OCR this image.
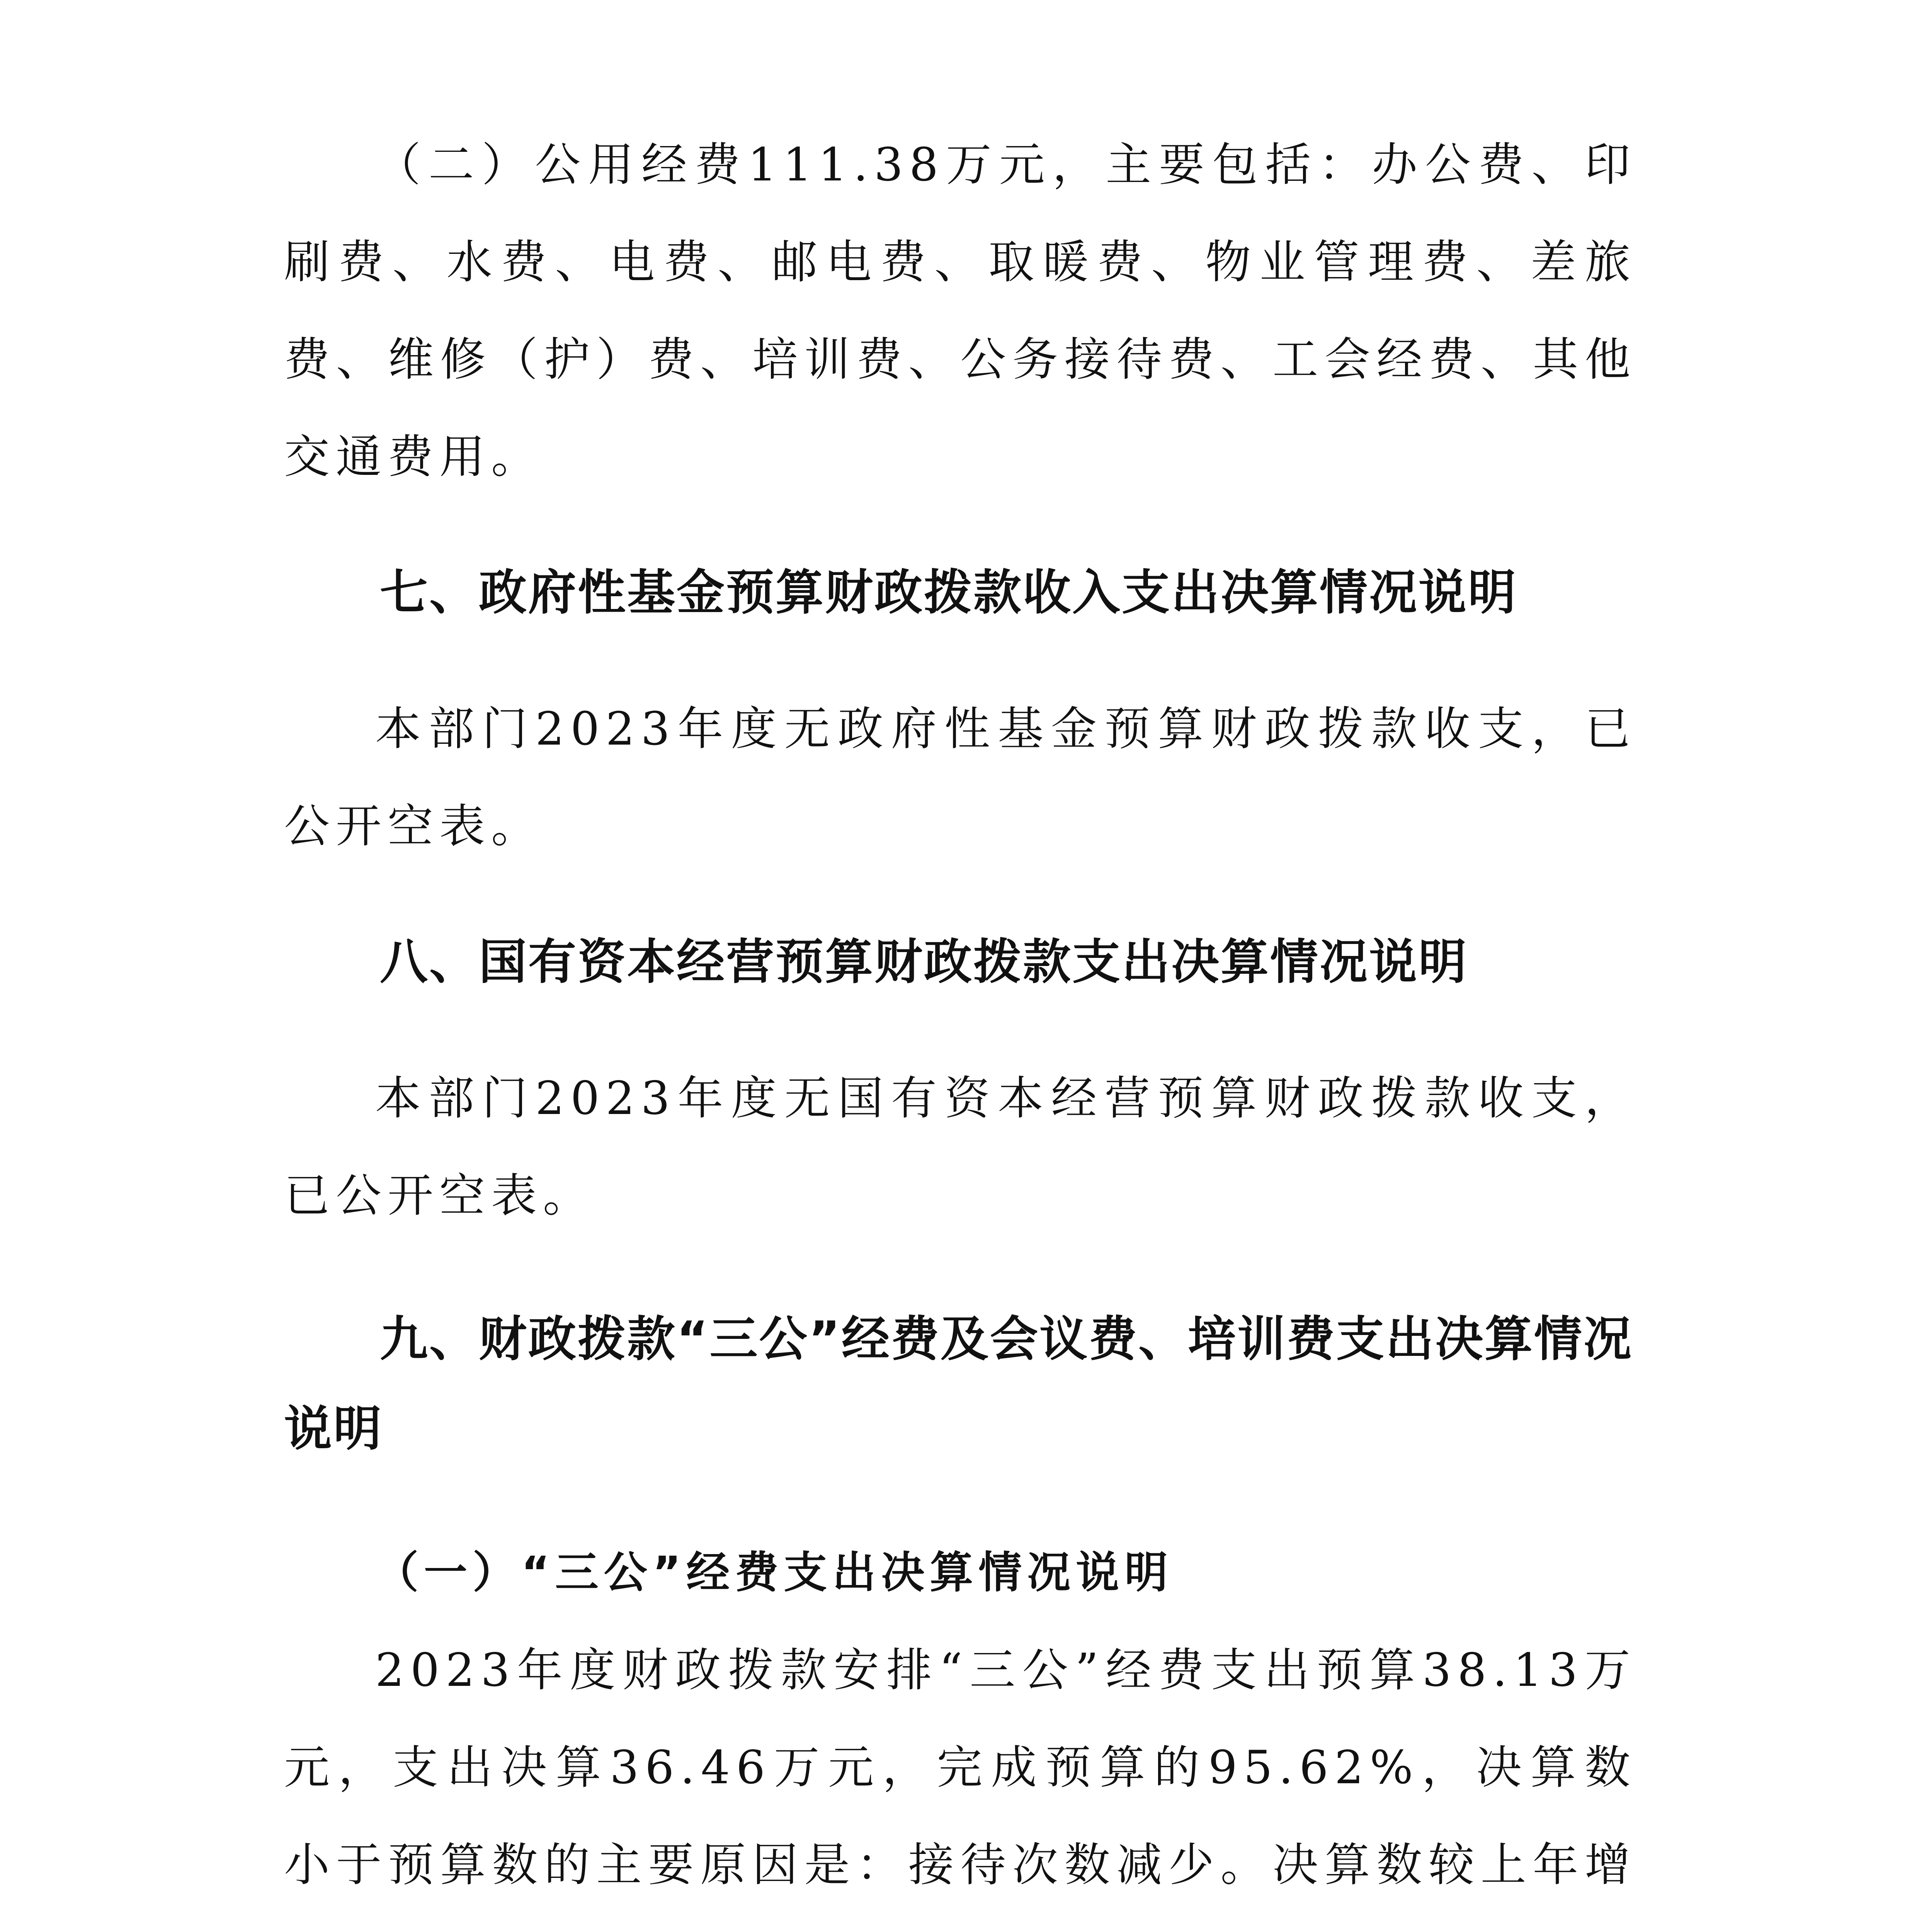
（二）公用经费111.38万元，主要包括：办公费、印刷费、水费、电费、邮电费、取暖费、物业管理费、差旅费、维修（护）费、培训费、公务接待费、工会经费、其他交通费用。

七、政府性基金预算财政拨款收入支出决算情况说明

本部门2023年度无政府性基金预算财政拨款收支，已公开空表。

八、国有资本经营预算财政拨款支出决算情况说明

本部门2023年度无国有资本经营预算财政拨款收支，已公开空表。

九、财政拨款“三公”经费及会议费、培训费支出决算情况说明

（一）“三公”经费支出决算情况说明

2023年度财政拨款安排“三公”经费支出预算38.13万元，支出决算36.46万元，完成预算的95.62%，决算数小于预算数的主要原因是：接待次数减少。决算数较上年增
